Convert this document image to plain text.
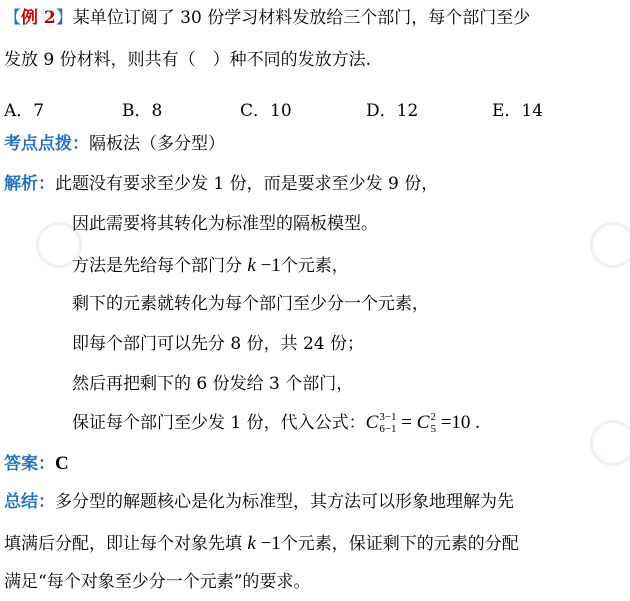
【例 2】某单位订阅了 30 份学习材料发放给三个部门，每个部门至少
发放 9 份材料，则共有（　）种不同的发放方法.
A．7	B．8	C．10	D．12	E．14
考点点拨：隔板法（多分型）
解析：此题没有要求至少发 1 份，而是要求至少发 9 份，
因此需要将其转化为标准型的隔板模型。
方法是先给每个部门分 k −1个元素，
剩下的元素就转化为每个部门至少分一个元素，
即每个部门可以先分 8 份，共 24 份；
然后再把剩下的 6 份发给 3 个部门，
保证每个部门至少发 1 份，代入公式：C 3−1
6−1 = C 2
5 =10 .
答案：C
总结：多分型的解题核心是化为标准型，其方法可以形象地理解为先
填满后分配，即让每个对象先填 k −1个元素，保证剩下的元素的分配
满足“每个对象至少分一个元素”的要求。
